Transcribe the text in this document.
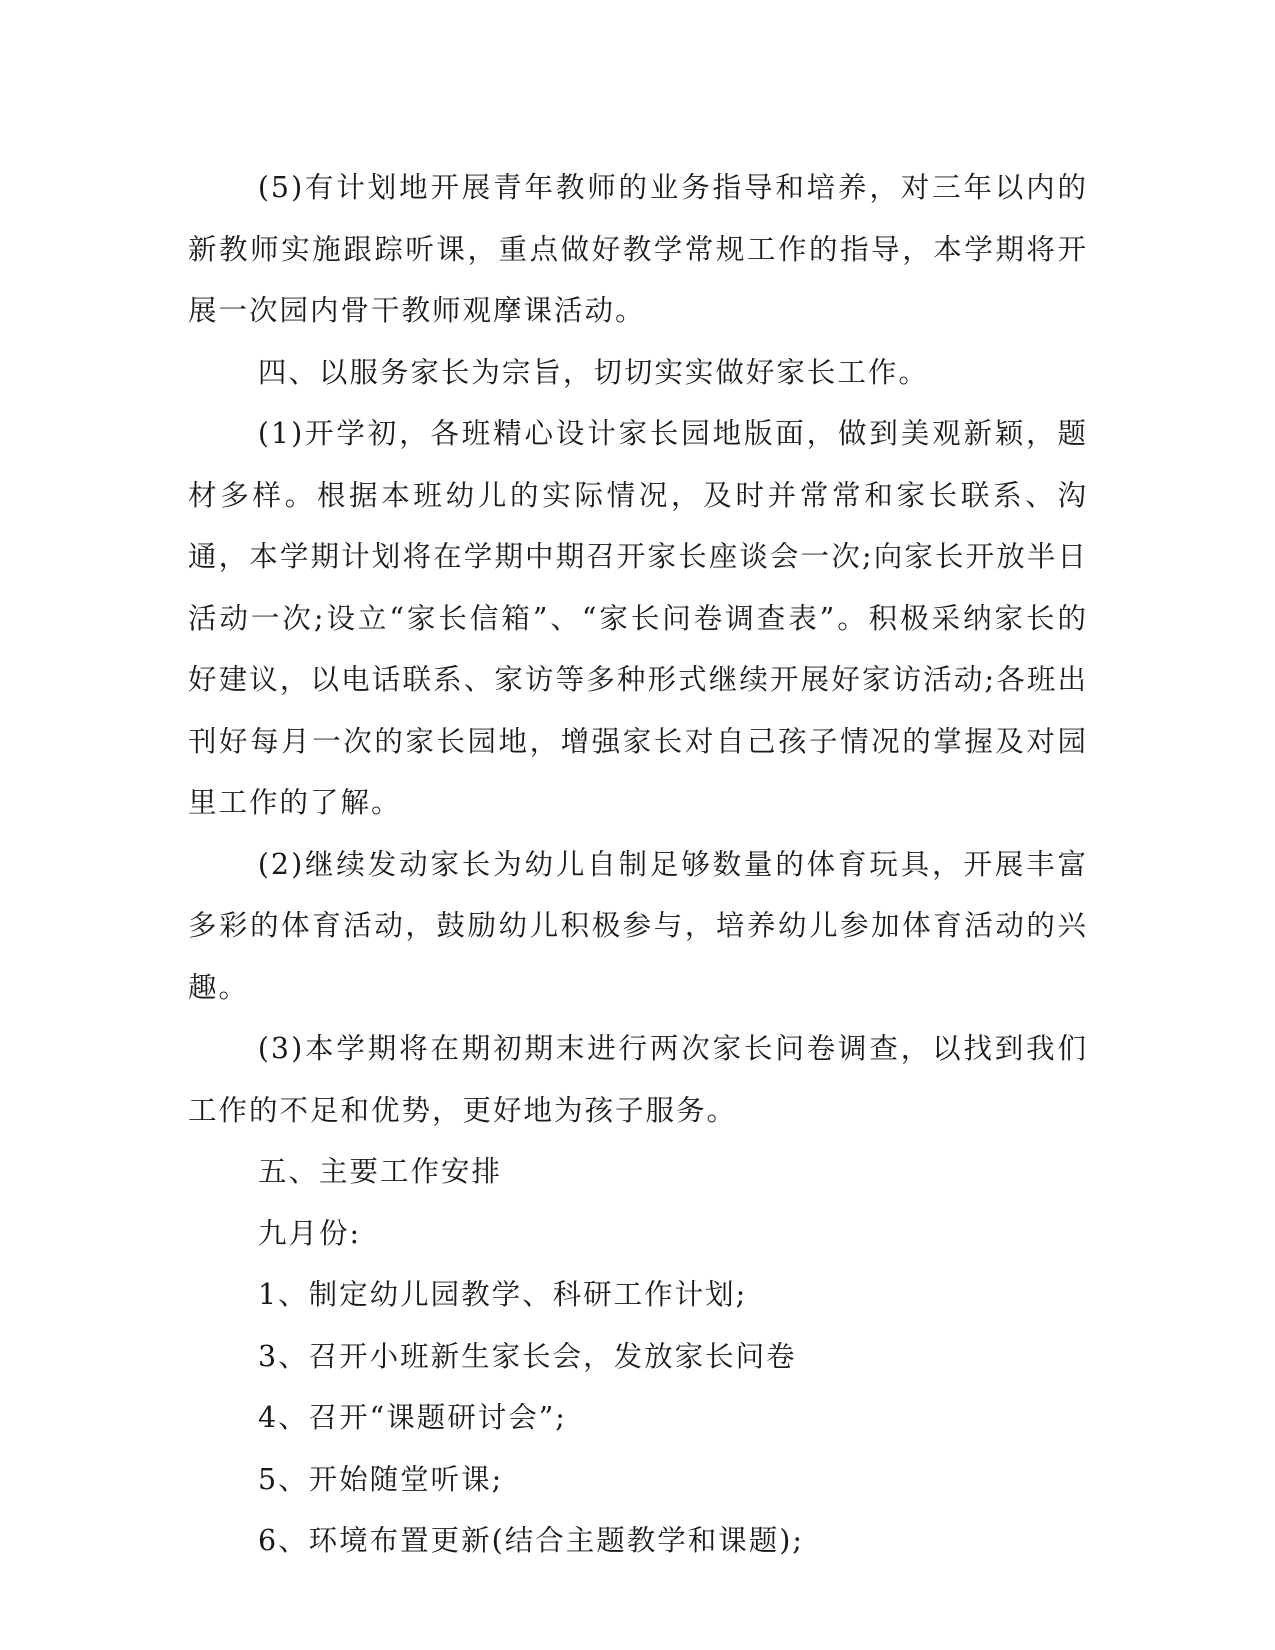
(5)有计划地开展青年教师的业务指导和培养，对三年以内的新教师实施跟踪听课，重点做好教学常规工作的指导，本学期将开展一次园内骨干教师观摩课活动。

四、以服务家长为宗旨，切切实实做好家长工作。

(1)开学初，各班精心设计家长园地版面，做到美观新颖，题材多样。根据本班幼儿的实际情况，及时并常常和家长联系、沟通，本学期计划将在学期中期召开家长座谈会一次;向家长开放半日活动一次;设立“家长信箱”、“家长问卷调查表”。积极采纳家长的好建议，以电话联系、家访等多种形式继续开展好家访活动;各班出刊好每月一次的家长园地，增强家长对自己孩子情况的掌握及对园里工作的了解。

(2)继续发动家长为幼儿自制足够数量的体育玩具，开展丰富多彩的体育活动，鼓励幼儿积极参与，培养幼儿参加体育活动的兴趣。

(3)本学期将在期初期末进行两次家长问卷调查，以找到我们工作的不足和优势，更好地为孩子服务。

五、主要工作安排

九月份:

1、制定幼儿园教学、科研工作计划;

3、召开小班新生家长会，发放家长问卷

4、召开“课题研讨会”;

5、开始随堂听课;

6、环境布置更新(结合主题教学和课题);
